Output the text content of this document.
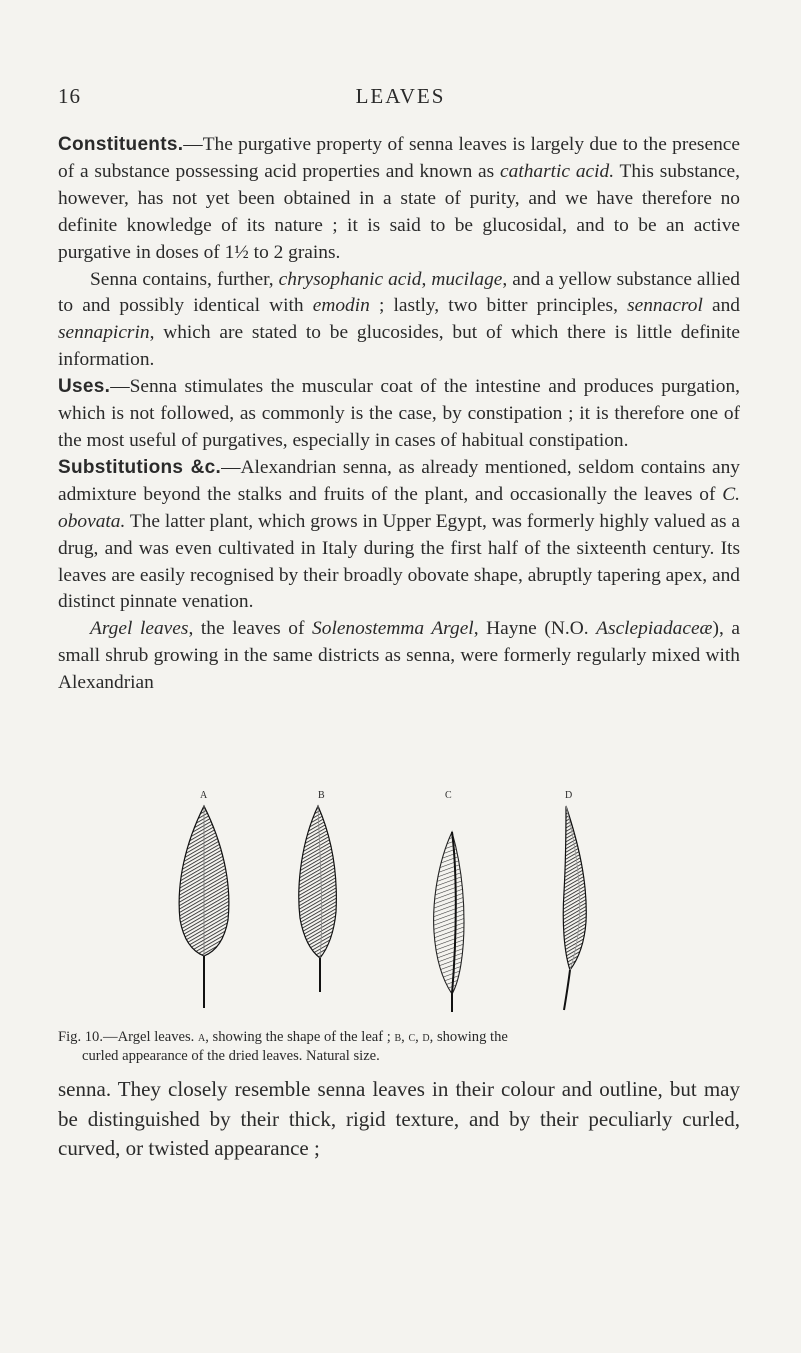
16	LEAVES

Constituents.—The purgative property of senna leaves is largely due to the presence of a substance possessing acid properties and known as cathartic acid. This substance, however, has not yet been obtained in a state of purity, and we have therefore no definite knowledge of its nature ; it is said to be glucosidal, and to be an active purgative in doses of 1½ to 2 grains.

Senna contains, further, chrysophanic acid, mucilage, and a yellow substance allied to and possibly identical with emodin ; lastly, two bitter principles, sennacrol and sennapicrin, which are stated to be glucosides, but of which there is little definite information.

Uses.—Senna stimulates the muscular coat of the intestine and produces purgation, which is not followed, as commonly is the case, by constipation ; it is therefore one of the most useful of purgatives, especially in cases of habitual constipation.

Substitutions &c.—Alexandrian senna, as already mentioned, seldom contains any admixture beyond the stalks and fruits of the plant, and occasionally the leaves of C. obovata. The latter plant, which grows in Upper Egypt, was formerly highly valued as a drug, and was even cultivated in Italy during the first half of the sixteenth century. Its leaves are easily recognised by their broadly obovate shape, abruptly tapering apex, and distinct pinnate venation.

Argel leaves, the leaves of Solenostemma Argel, Hayne (N.O. Asclepiadaceæ), a small shrub growing in the same districts as senna, were formerly regularly mixed with Alexandrian

A	B	C	D
Fig. 10.—Argel leaves. a, showing the shape of the leaf ; b, c, d, showing the
curled appearance of the dried leaves. Natural size.

senna. They closely resemble senna leaves in their colour and outline, but may be distinguished by their thick, rigid texture, and by their peculiarly curled, curved, or twisted appearance ;
